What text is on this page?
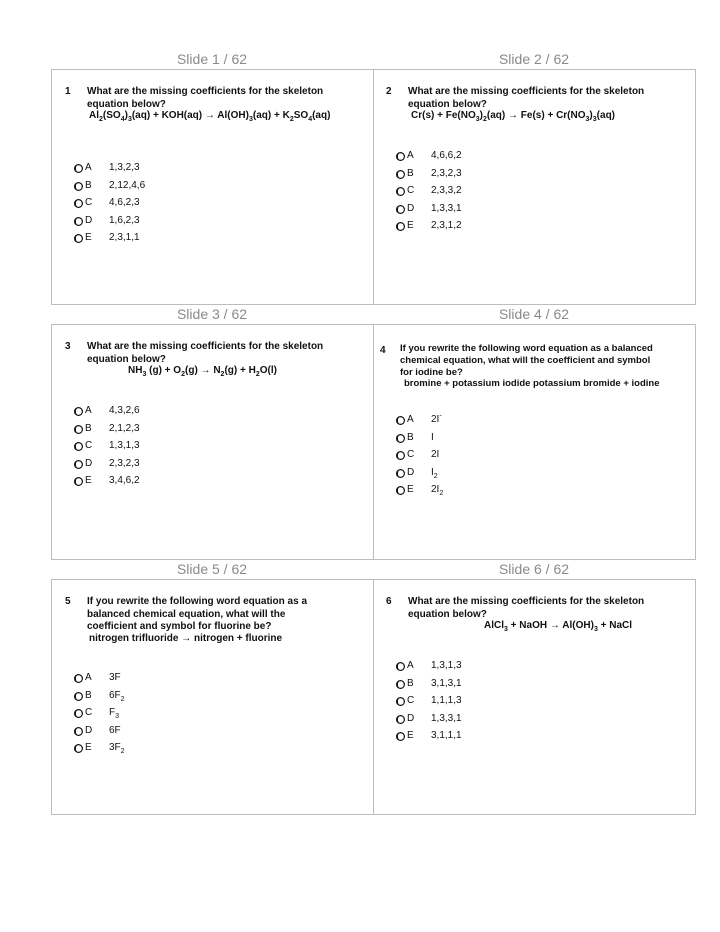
Slide 1 / 62
1 What are the missing coefficients for the skeleton
equation below?
$Al_2(SO_4)_3(aq) + KOH(aq) \to Al(OH)_3(aq) + K_2SO_4(aq)$
A 1,3,2,3
B 2,12,4,6
C 4,6,2,3
D 1,6,2,3
E 2,3,1,1
Slide 2 / 62
2 What are the missing coefficients for the skeleton
equation below?
$Cr(s) + Fe(NO_3)_2(aq) \to Fe(s) + Cr(NO_3)_3(aq)$
A 4,6,6,2
B 2,3,2,3
C 2,3,3,2
D 1,3,3,1
E 2,3,1,2
Slide 3 / 62
3 What are the missing coefficients for the skeleton
equation below?
$NH_3$ $(g) + O_2(g) \to N_2(g) + H_2O(l)$
A 4,3,2,6
B 2,1,2,3
C 1,3,1,3
D 2,3,2,3
E 3,4,6,2
Slide 4 / 62
4 If you rewrite the following word equation as a balanced
chemical equation, what will the coefficient and symbol
for iodine be?
bromine + potassium iodide potassium bromide + iodine
A 2I-
B I
C 2I
D $I_2$
E $2I_2$
Slide 5 / 62
5 If you rewrite the following word equation as a
balanced chemical equation, what will the
coefficient and symbol for fluorine be?
nitrogen trifluoride → nitrogen + fluorine
A 3F
B $6F_2$
C $F_3$
D 6F
E $3F_2$
Slide 6 / 62
6 What are the missing coefficients for the skeleton
equation below?
AlCl$_3$ + NaOH → $Al(OH)_3$ + NaCl
A 1,3,1,3
B 3,1,3,1
C 1,1,1,3
D 1,3,3,1
E 3,1,1,1
